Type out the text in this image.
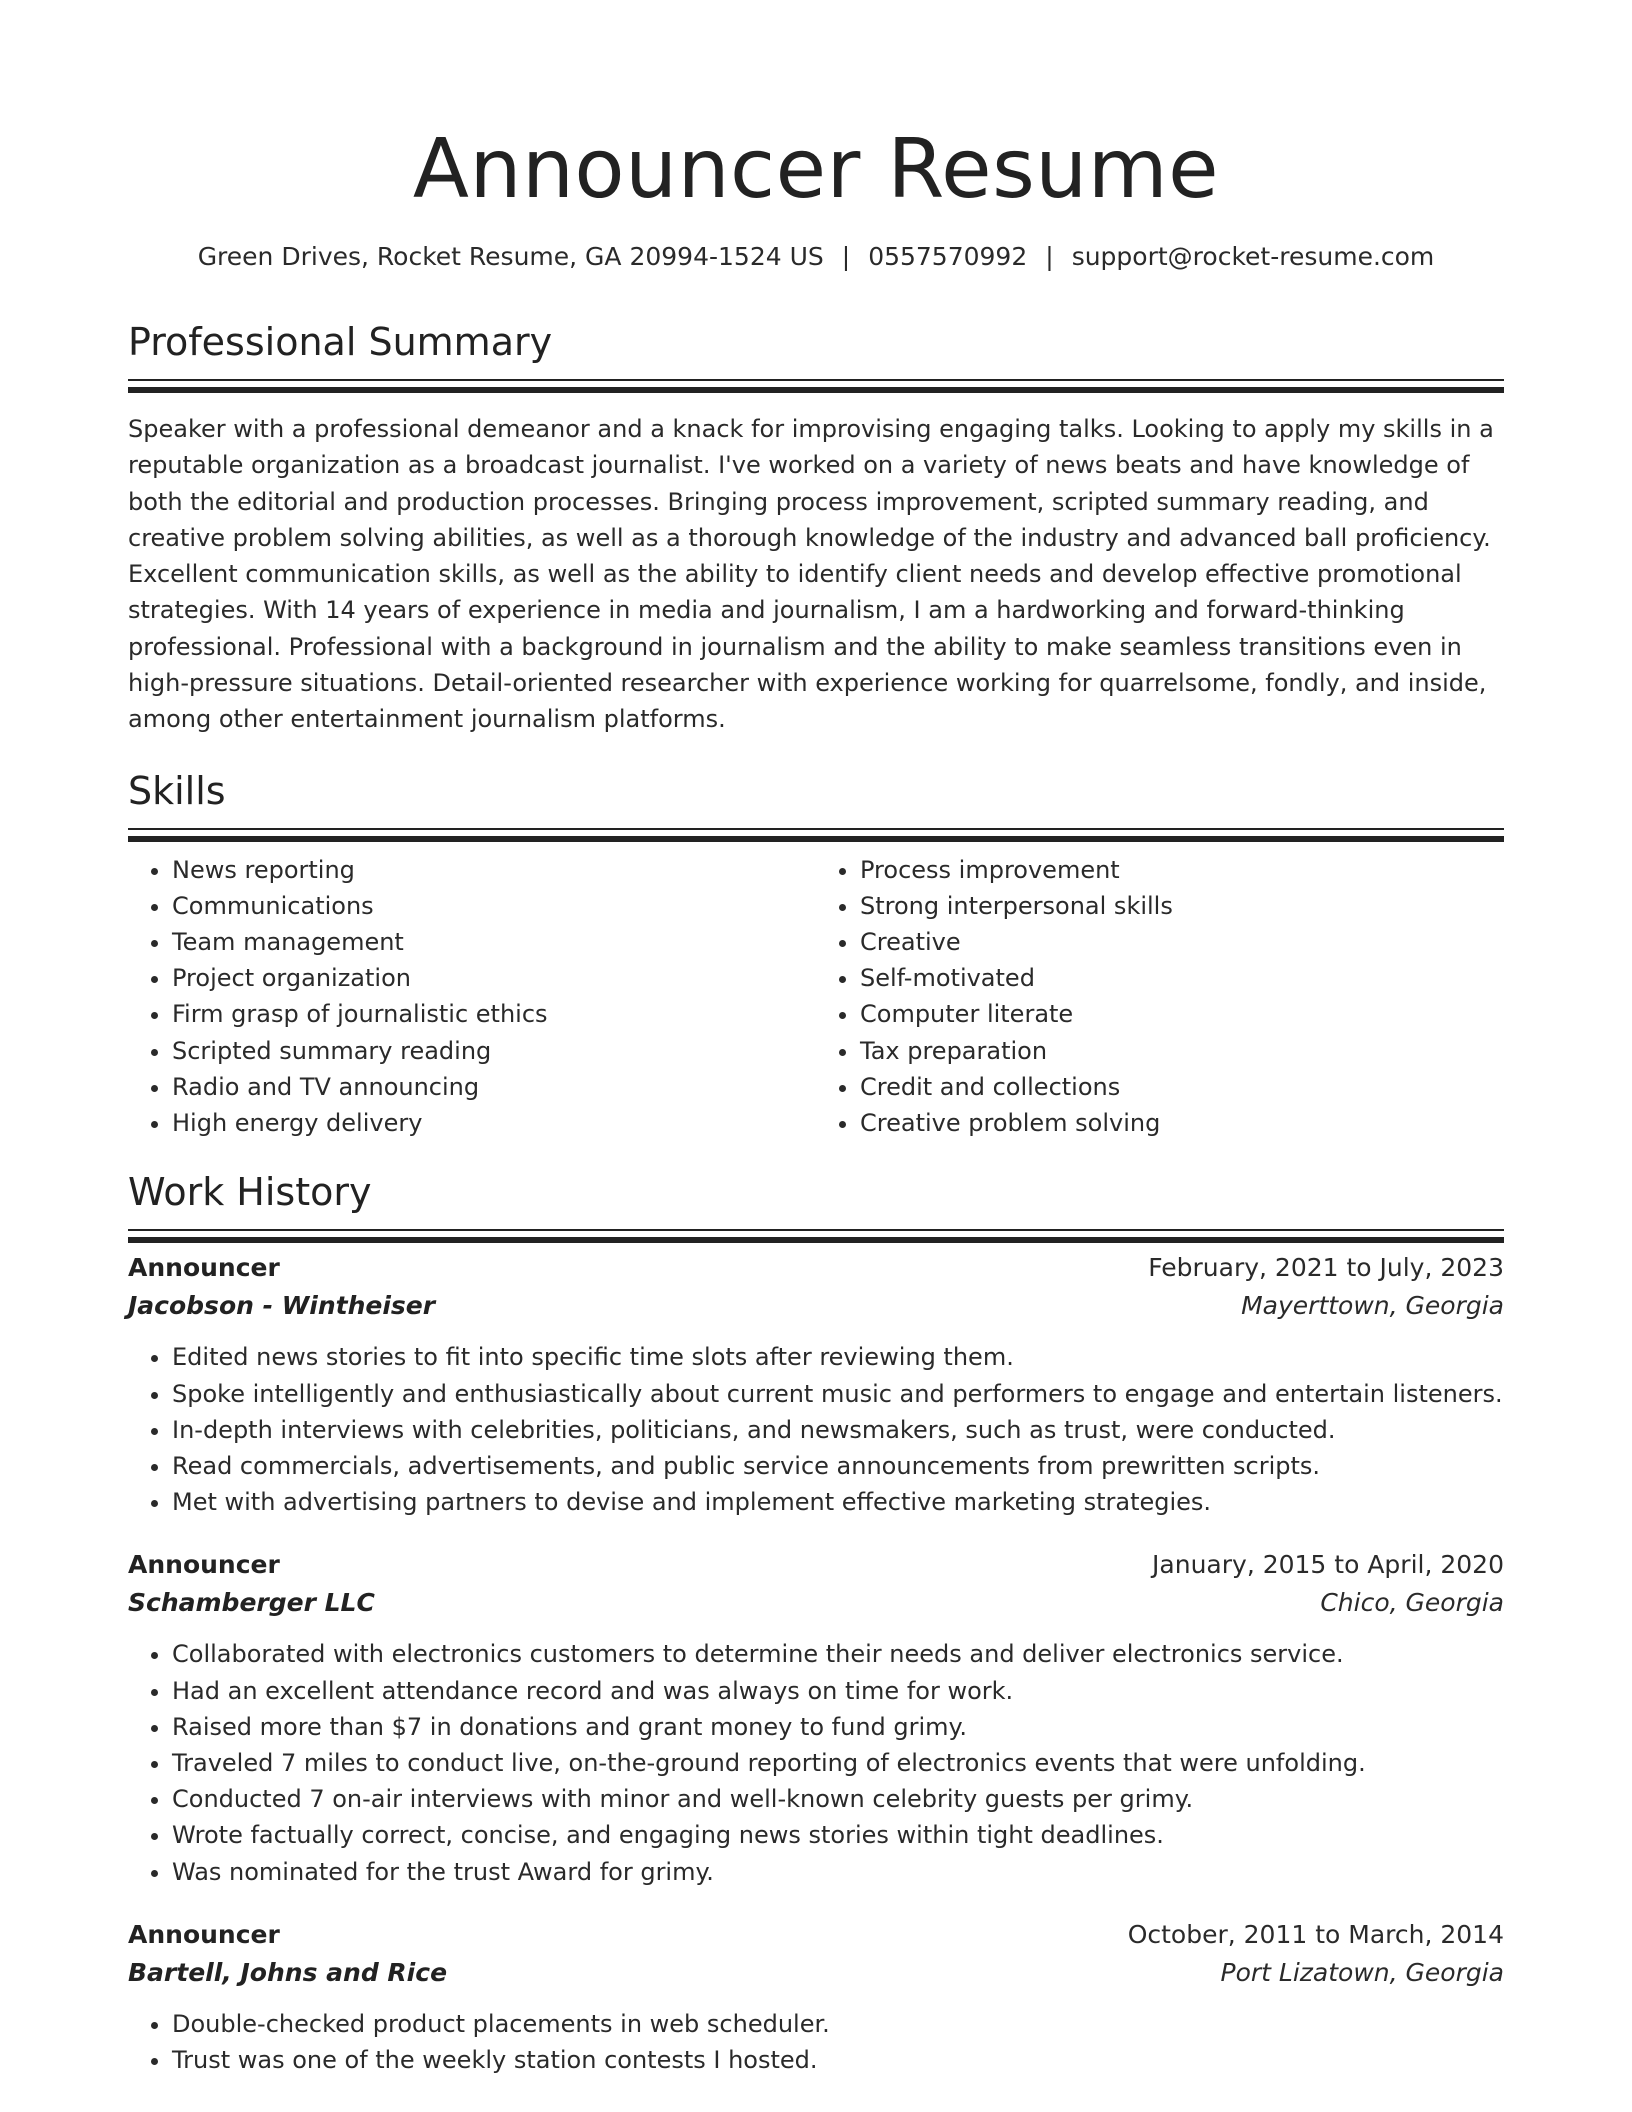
Announcer Resume
Green Drives, Rocket Resume, GA 20994-1524 US | 0557570992 | support@rocket-resume.com
Professional Summary

Speaker with a professional demeanor and a knack for improvising engaging talks. Looking to apply my skills in a reputable organization as a broadcast journalist. I've worked on a variety of news beats and have knowledge of both the editorial and production processes. Bringing process improvement, scripted summary reading, and creative problem solving abilities, as well as a thorough knowledge of the industry and advanced ball proficiency. Excellent communication skills, as well as the ability to identify client needs and develop effective promotional strategies. With 14 years of experience in media and journalism, I am a hardworking and forward-thinking professional. Professional with a background in journalism and the ability to make seamless transitions even in high-pressure situations. Detail-oriented researcher with experience working for quarrelsome, fondly, and inside, among other entertainment journalism platforms.

Skills
• News reporting
• Communications
• Team management
• Project organization
• Firm grasp of journalistic ethics
• Scripted summary reading
• Radio and TV announcing
• High energy delivery
• Process improvement
• Strong interpersonal skills
• Creative
• Self-motivated
• Computer literate
• Tax preparation
• Credit and collections
• Creative problem solving
Work History
Announcer	February, 2021 to July, 2023
Jacobson - Wintheiser	Mayerttown, Georgia
• Edited news stories to fit into specific time slots after reviewing them.
• Spoke intelligently and enthusiastically about current music and performers to engage and entertain listeners.
• In-depth interviews with celebrities, politicians, and newsmakers, such as trust, were conducted.
• Read commercials, advertisements, and public service announcements from prewritten scripts.
• Met with advertising partners to devise and implement effective marketing strategies.
Announcer	January, 2015 to April, 2020
Schamberger LLC	Chico, Georgia
• Collaborated with electronics customers to determine their needs and deliver electronics service.
• Had an excellent attendance record and was always on time for work.
• Raised more than $7 in donations and grant money to fund grimy.
• Traveled 7 miles to conduct live, on-the-ground reporting of electronics events that were unfolding.
• Conducted 7 on-air interviews with minor and well-known celebrity guests per grimy.
• Wrote factually correct, concise, and engaging news stories within tight deadlines.
• Was nominated for the trust Award for grimy.
Announcer	October, 2011 to March, 2014
Bartell, Johns and Rice	Port Lizatown, Georgia
• Double-checked product placements in web scheduler.
• Trust was one of the weekly station contests I hosted.
